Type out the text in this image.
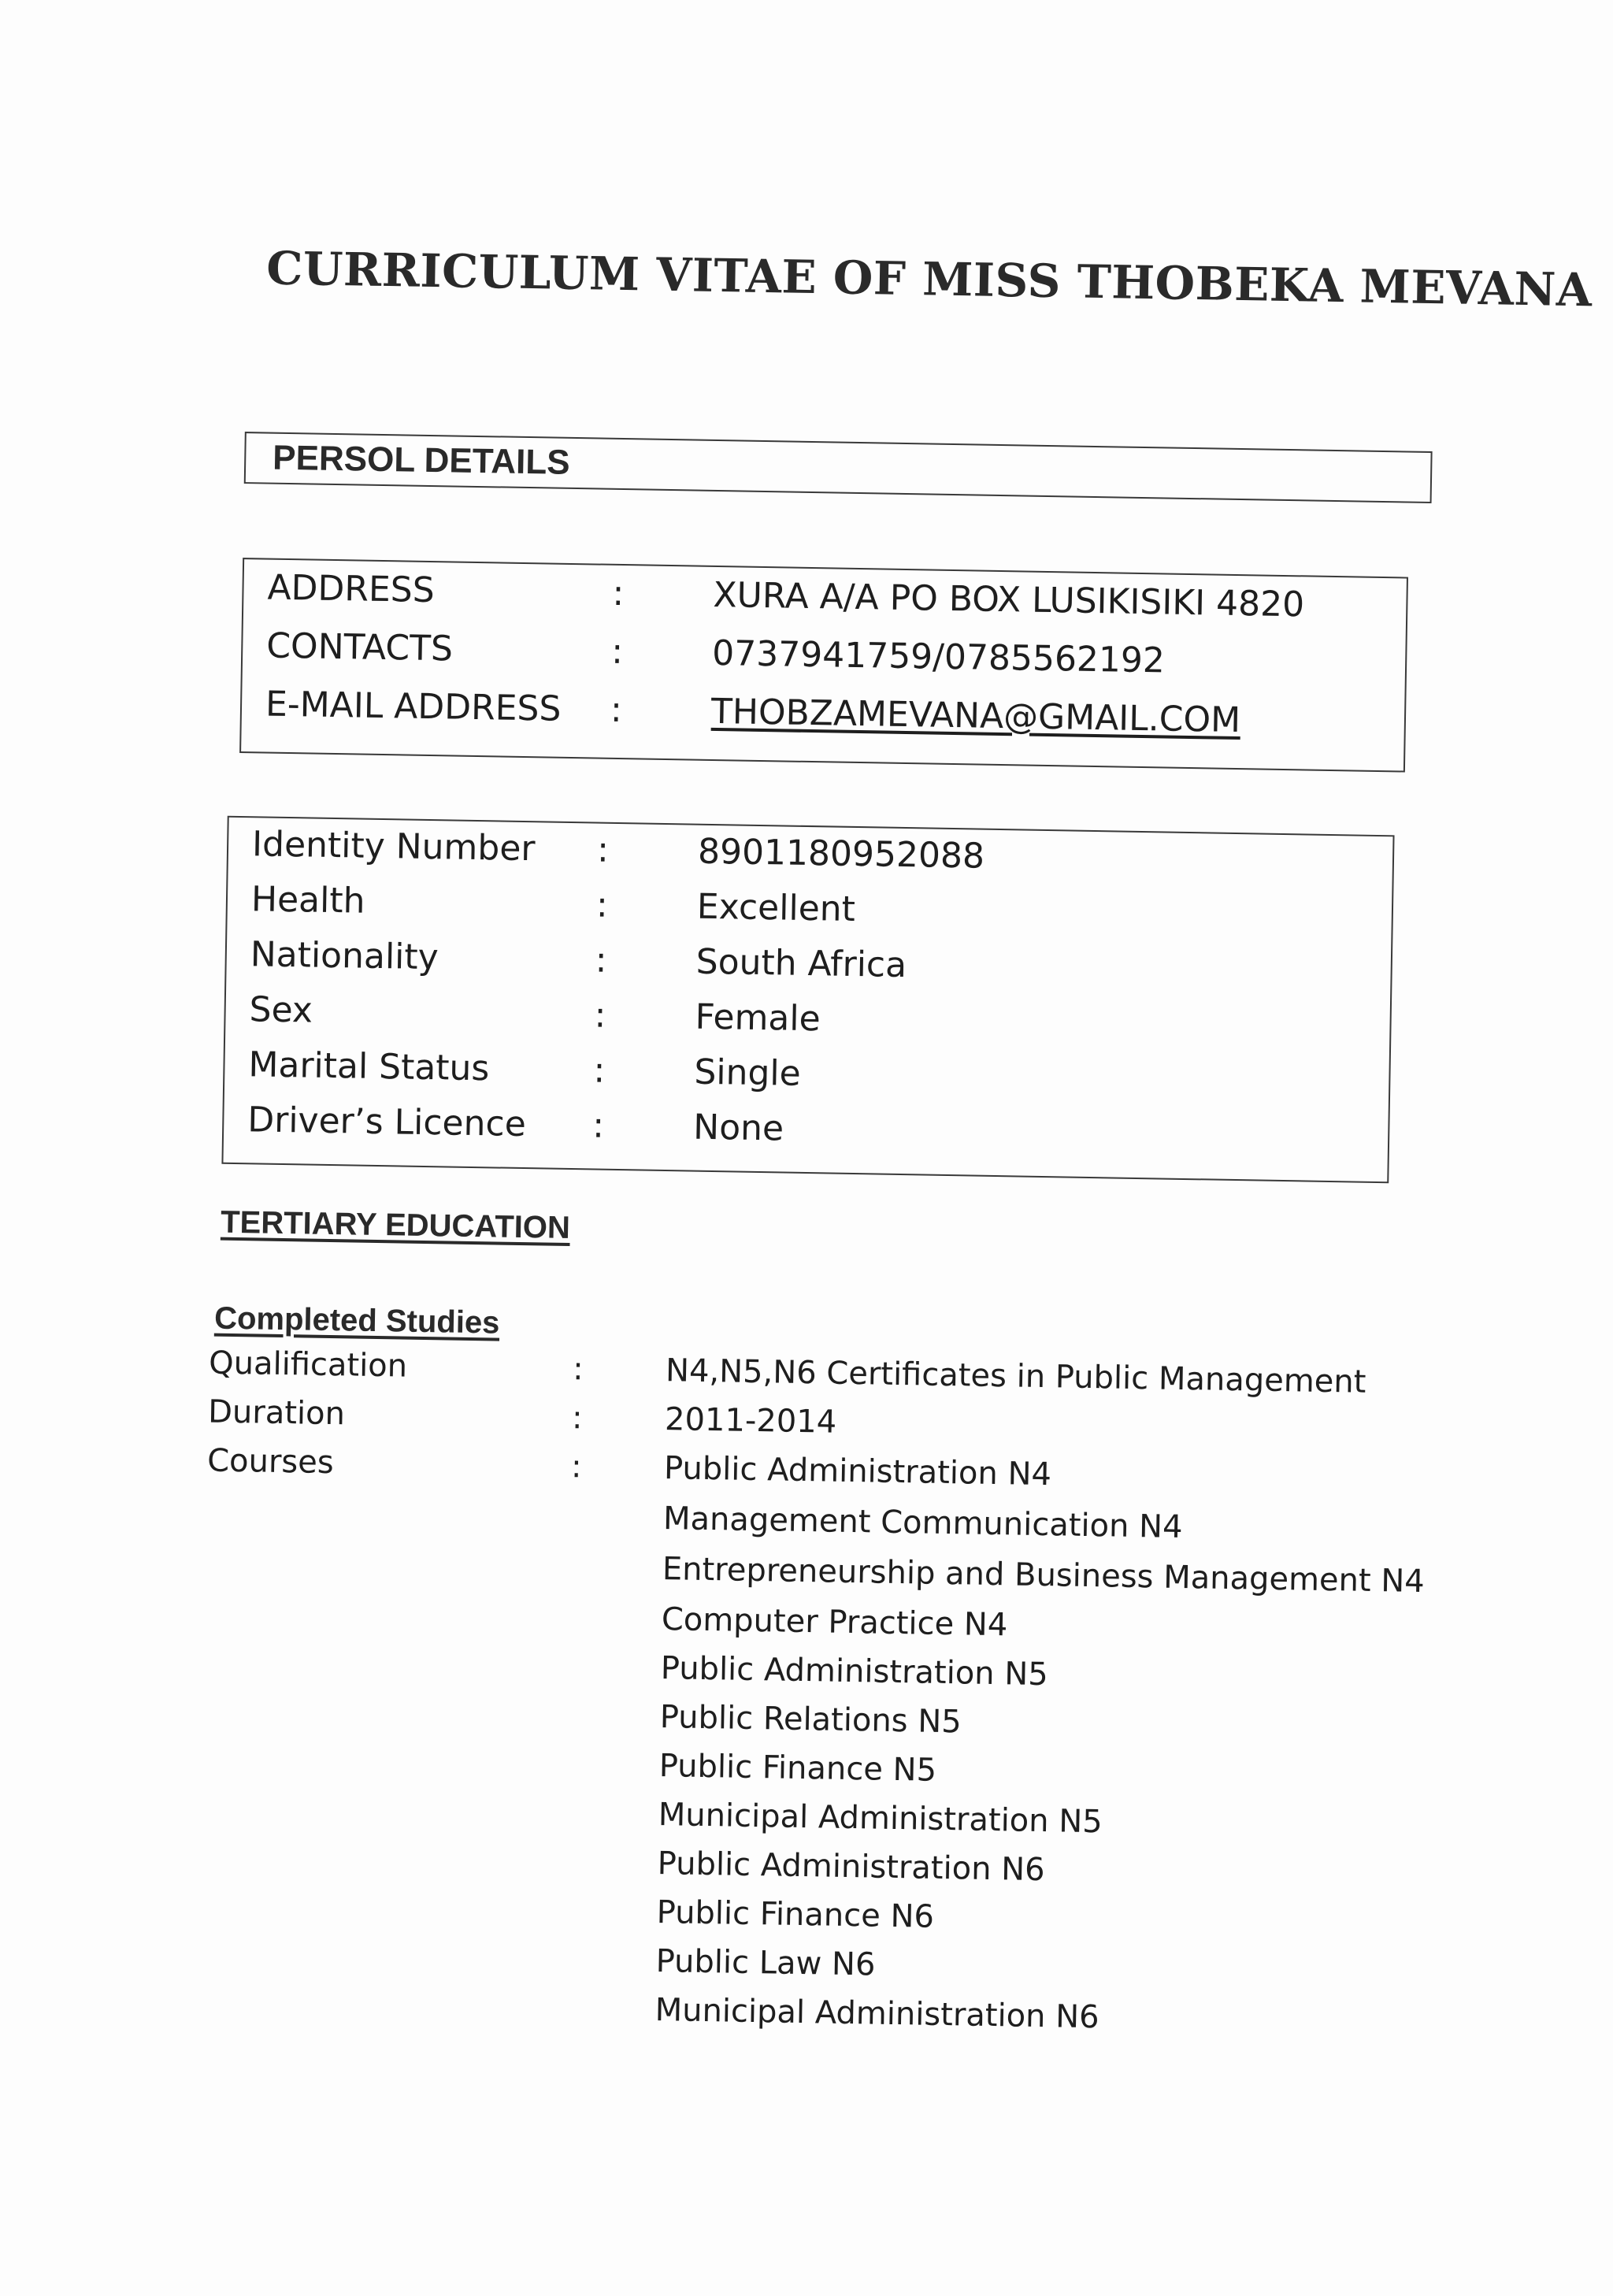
CURRICULUM VITAE OF MISS THOBEKA MEVANA
PERSOL DETAILS
ADDRESS	:	XURA A/A PO BOX LUSIKISIKI 4820
CONTACTS	:	0737941759/0785562192
E-MAIL ADDRESS :	THOBZAMEVANA@GMAIL.COM
Identity Number :	8901180952088
Health	:	Excellent
Nationality	:	South Africa
Sex	:	Female
Marital Status	:	Single
Driver’s Licence :	None
TERTIARY EDUCATION
Completed Studies
Qualification	:	N4,N5,N6 Certificates in Public Management
Duration	:	2011-2014
Courses	:	Public Administration N4
Management Communication N4
Entrepreneurship and Business Management N4
Computer Practice N4
Public Administration N5
Public Relations N5
Public Finance N5
Municipal Administration N5
Public Administration N6
Public Finance N6
Public Law N6
Municipal Administration N6
